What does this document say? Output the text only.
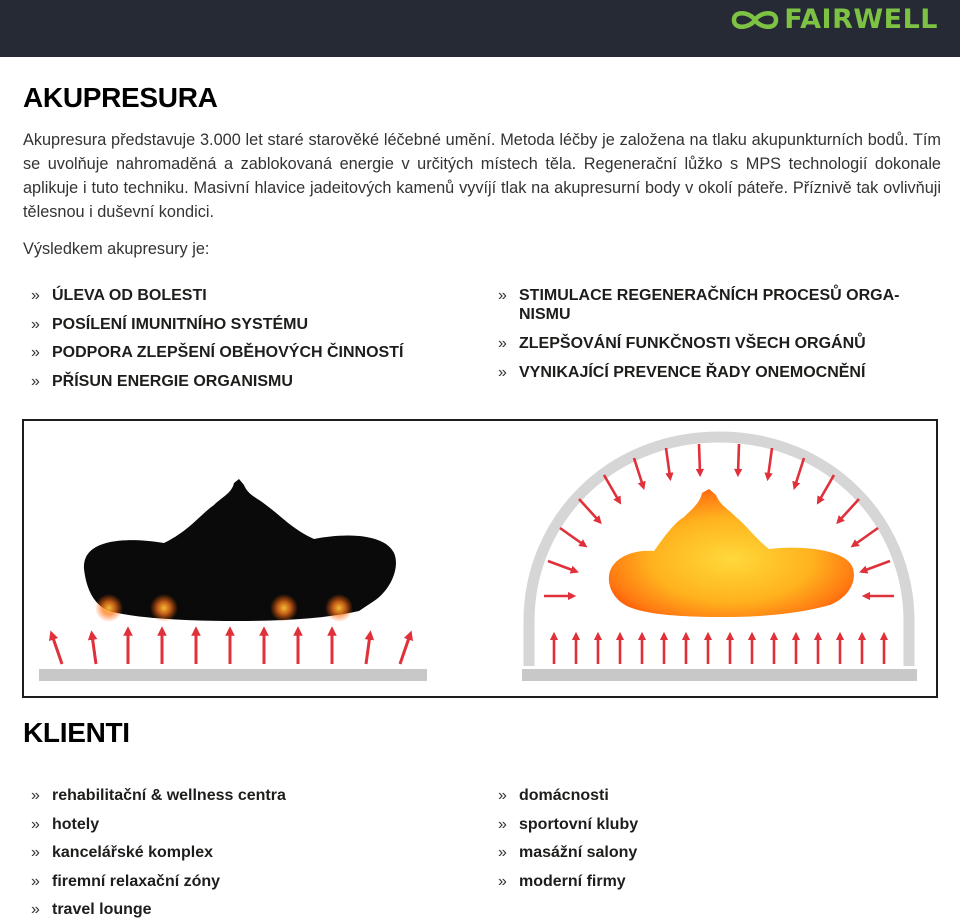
FAIRWELL
AKUPRESURA

Akupresura představuje 3.000 let staré starověké léčebné umění. Metoda léčby je založena na tlaku akupunkturních bodů. Tím se uvolňuje nahromaděná a zablokovaná energie v určitých místech těla. Regenerační lůžko s MPS technologií dokonale aplikuje i tuto techniku. Masivní hlavice jadeitových kamenů vyvíjí tlak na akupresurní body v okolí páteře. Příznivě tak ovlivňuji tělesnou i duševní kondici.

Výsledkem akupresury je:

» ÚLEVA OD BOLESTI
» POSÍLENÍ IMUNITNÍHO SYSTÉMU
» PODPORA ZLEPŠENÍ OBĚHOVÝCH ČINNOSTÍ
» PŘÍSUN ENERGIE ORGANISMU
» STIMULACE REGENERAČNÍCH PROCESŮ ORGA-NISMU
» ZLEPŠOVÁNÍ FUNKČNOSTI VŠECH ORGÁNŮ
» VYNIKAJÍCÍ PREVENCE ŘADY ONEMOCNĚNÍ
KLIENTI
» rehabilitační & wellness centra
» hotely
» kancelářské komplex
» firemní relaxační zóny
» travel lounge
» domácnosti
» sportovní kluby
» masážní salony
» moderní firmy
